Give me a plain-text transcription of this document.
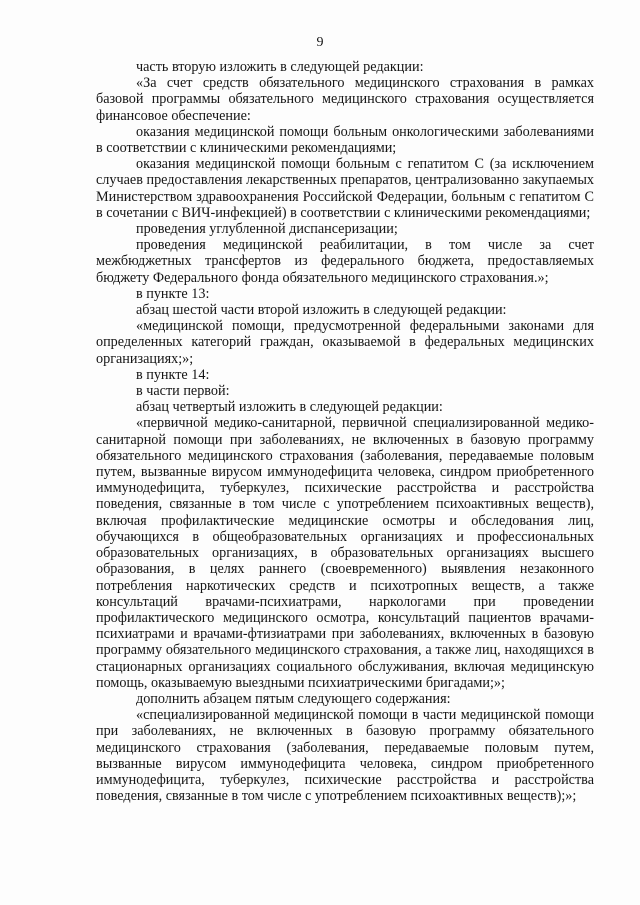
9

часть вторую изложить в следующей редакции:

«За счет средств обязательного медицинского страхования в рамках базовой программы обязательного медицинского страхования осуществляется финансовое обеспечение:

оказания медицинской помощи больным онкологическими заболеваниями в соответствии с клиническими рекомендациями;

оказания медицинской помощи больным с гепатитом С (за исключением случаев предоставления лекарственных препаратов, централизованно закупаемых Министерством здравоохранения Российской Федерации, больным с гепатитом С в сочетании с ВИЧ-инфекцией) в соответствии с клиническими рекомендациями;

проведения углубленной диспансеризации;

проведения медицинской реабилитации, в том числе за счет межбюджетных трансфертов из федерального бюджета, предоставляемых бюджету Федерального фонда обязательного медицинского страхования.»;

в пункте 13:

абзац шестой части второй изложить в следующей редакции:

«медицинской помощи, предусмотренной федеральными законами для определенных категорий граждан, оказываемой в федеральных медицинских организациях;»;

в пункте 14:

в части первой:

абзац четвертый изложить в следующей редакции:

«первичной медико-санитарной, первичной специализированной медико-санитарной помощи при заболеваниях, не включенных в базовую программу обязательного медицинского страхования (заболевания, передаваемые половым путем, вызванные вирусом иммунодефицита человека, синдром приобретенного иммунодефицита, туберкулез, психические расстройства и расстройства поведения, связанные в том числе с употреблением психоактивных веществ), включая профилактические медицинские осмотры и обследования лиц, обучающихся в общеобразовательных организациях и профессиональных образовательных организациях, в образовательных организациях высшего образования, в целях раннего (своевременного) выявления незаконного потребления наркотических средств и психотропных веществ, а также консультаций врачами-психиатрами, наркологами при проведении профилактического медицинского осмотра, консультаций пациентов врачами-психиатрами и врачами-фтизиатрами при заболеваниях, включенных в базовую программу обязательного медицинского страхования, а также лиц, находящихся в стационарных организациях социального обслуживания, включая медицинскую помощь, оказываемую выездными психиатрическими бригадами;»;

дополнить абзацем пятым следующего содержания:

«специализированной медицинской помощи в части медицинской помощи при заболеваниях, не включенных в базовую программу обязательного медицинского страхования (заболевания, передаваемые половым путем, вызванные вирусом иммунодефицита человека, синдром приобретенного иммунодефицита, туберкулез, психические расстройства и расстройства поведения, связанные в том числе с употреблением психоактивных веществ);»;
